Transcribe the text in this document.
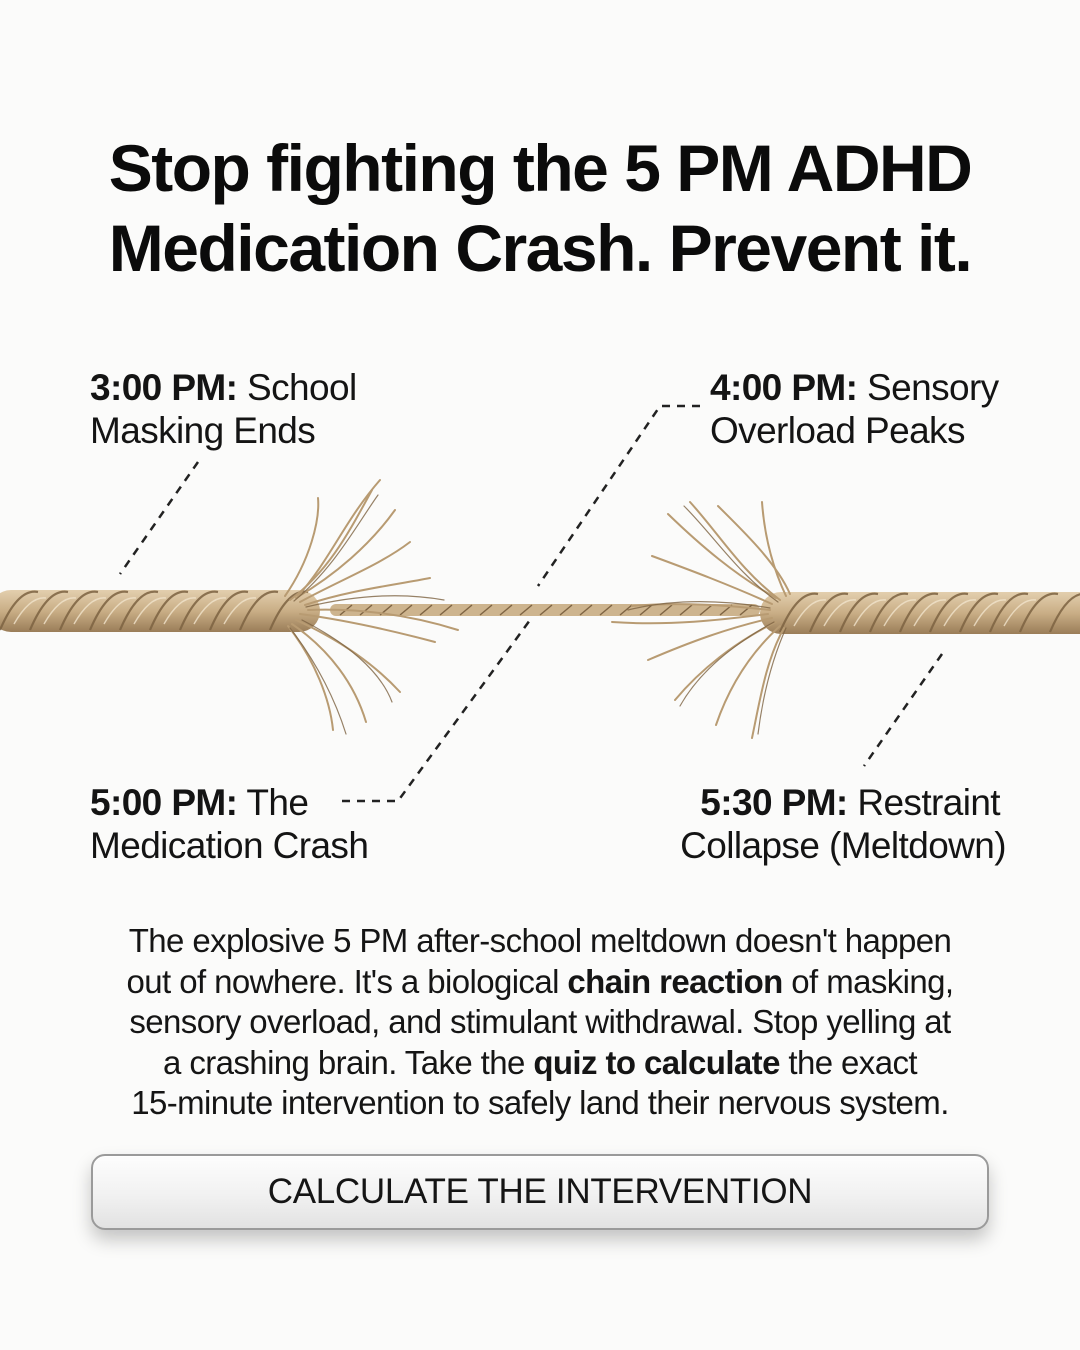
Stop fighting the 5 PM ADHD
Medication Crash. Prevent it.

3:00 PM: School
Masking Ends

4:00 PM: Sensory
Overload Peaks

5:00 PM: The
Medication Crash

5:30 PM: Restraint
Collapse (Meltdown)

The explosive 5 PM after-school meltdown doesn't happen
out of nowhere. It's a biological chain reaction of masking,
sensory overload, and stimulant withdrawal. Stop yelling at
a crashing brain. Take the quiz to calculate the exact
15-minute intervention to safely land their nervous system.

CALCULATE THE INTERVENTION
